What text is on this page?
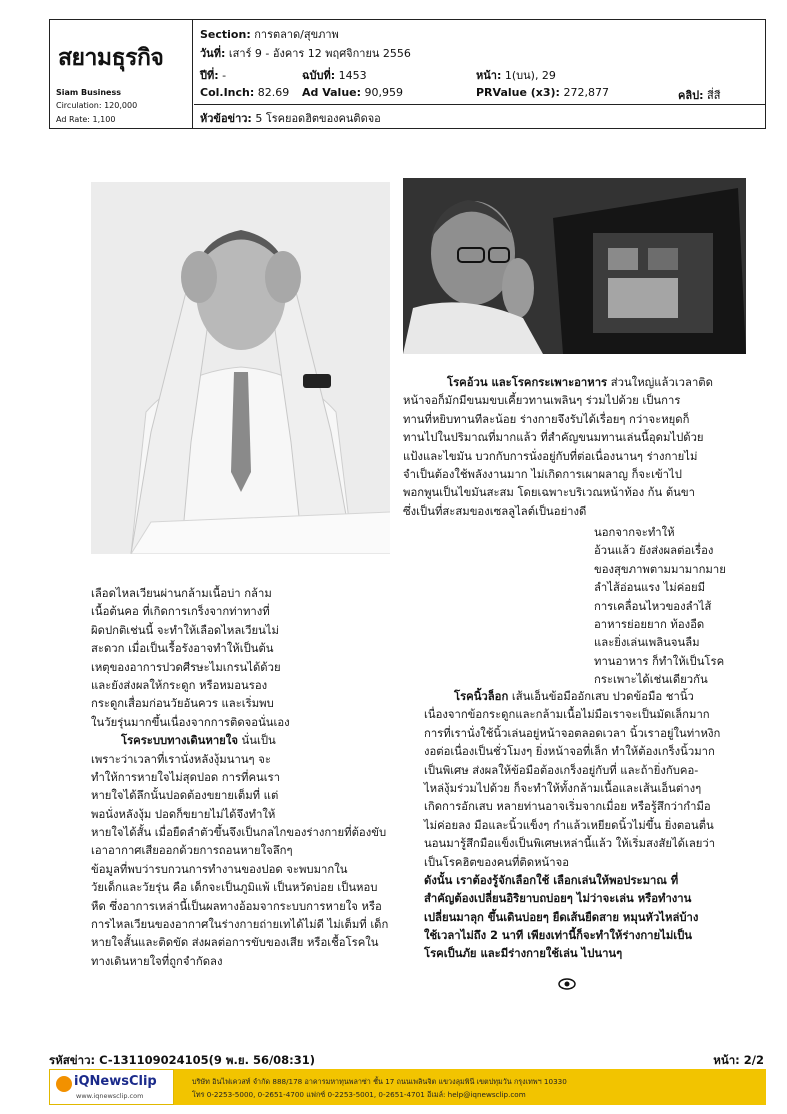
สยามธุรกิจ
Siam Business
Circulation: 120,000
Ad Rate: 1,100
Section: การตลาด/สุขภาพ
วันที่: เสาร์ 9 - อังคาร 12 พฤศจิกายน 2556
ปีที่: -	ฉบับที่: 1453	หน้า: 1(บน), 29
Col.Inch: 82.69 Ad Value: 90,959	PRValue (x3): 272,877	คลิป: สี่สี
หัวข้อข่าว: 5 โรคยอดฮิตของคนติดจอ

โรคอ้วน และโรคกระเพาะอาหาร ส่วนใหญ่แล้วเวลาติด

หน้าจอก็มักมีขนมขบเคี้ยวทานเพลินๆ ร่วมไปด้วย เป็นการ

ทานที่หยิบทานทีละน้อย ร่างกายจึงรับได้เรื่อยๆ กว่าจะหยุดก็

ทานไปในปริมาณที่มากแล้ว ที่สำคัญขนมทานเล่นนี้อุดมไปด้วย

แป้งและไขมัน บวกกับการนั่งอยู่กับที่ต่อเนื่องนานๆ ร่างกายไม่

จำเป็นต้องใช้พลังงานมาก ไม่เกิดการเผาผลาญ ก็จะเข้าไป

พอกพูนเป็นไขมันสะสม โดยเฉพาะบริเวณหน้าท้อง ก้น ต้นขา

ซึ่งเป็นที่สะสมของเซลลูไลต์เป็นอย่างดี

นอกจากจะทำให้

อ้วนแล้ว ยังส่งผลต่อเรื่อง

ของสุขภาพตามมามากมาย

ลำไส้อ่อนแรง ไม่ค่อยมี

การเคลื่อนไหวของลำไส้

อาหารย่อยยาก ท้องอืด

และยิ่งเล่นเพลินจนลืม

ทานอาหาร ก็ทำให้เป็นโรค

กระเพาะได้เช่นเดียวกัน

เลือดไหลเวียนผ่านกล้ามเนื้อบ่า กล้าม

เนื้อต้นคอ ที่เกิดการเกร็งจากท่าทางที่

ผิดปกติเช่นนี้ จะทำให้เลือดไหลเวียนไม่

สะดวก เมื่อเป็นเรื้อรังอาจทำให้เป็นต้น

เหตุของอาการปวดศีรษะไมเกรนได้ด้วย

และยังส่งผลให้กระดูก หรือหมอนรอง

กระดูกเสื่อมก่อนวัยอันควร และเริ่มพบ

ในวัยรุ่นมากขึ้นเนื่องจากการติดจอนั่นเอง

โรคระบบทางเดินหายใจ นั่นเป็น

เพราะว่าเวลาที่เรานั่งหลังงุ้มนานๆ จะ

ทำให้การหายใจไม่สุดปอด การที่คนเรา

หายใจได้ลึกนั้นปอดต้องขยายเต็มที่ แต่

พอนั่งหลังงุ้ม ปอดก็ขยายไม่ได้จึงทำให้

หายใจได้สั้น เมื่อยืดลำตัวขึ้นจึงเป็นกลไกของร่างกายที่ต้องขับ

เอาอากาศเสียออกด้วยการถอนหายใจลึกๆ

ข้อมูลที่พบว่ารบกวนการทำงานของปอด จะพบมากใน

วัยเด็กและวัยรุ่น คือ เด็กจะเป็นภูมิแพ้ เป็นหวัดบ่อย เป็นหอบ

หืด ซึ่งอาการเหล่านี้เป็นผลทางอ้อมจากระบบการหายใจ หรือ

การไหลเวียนของอากาศในร่างกายถ่ายเทได้ไม่ดี ไม่เต็มที่ เด็ก

หายใจสั้นและติดขัด ส่งผลต่อการขับของเสีย หรือเชื้อโรคใน

ทางเดินหายใจที่ถูกจำกัดลง

โรคนิ้วล็อก เส้นเอ็นข้อมืออักเสบ ปวดข้อมือ ชานิ้ว

เนื่องจากข้อกระดูกและกล้ามเนื้อไม่มือเราจะเป็นมัดเล็กมาก

การที่เรานั่งใช้นิ้วเล่นอยู่หน้าจอตลอดเวลา นิ้วเราอยู่ในท่าหงิก

งอต่อเนื่องเป็นชั่วโมงๆ ยิ่งหน้าจอที่เล็ก ทำให้ต้องเกร็งนิ้วมาก

เป็นพิเศษ ส่งผลให้ข้อมือต้องเกร็งอยู่กับที่ และถ้ายิ่งกับคอ-

ไหล่งุ้มร่วมไปด้วย ก็จะทำให้ทั้งกล้ามเนื้อและเส้นเอ็นต่างๆ

เกิดการอักเสบ หลายท่านอาจเริ่มจากเมื่อย หรือรู้สึกว่ากำมือ

ไม่ค่อยลง มือและนิ้วแข็งๆ กำแล้วเหยียดนิ้วไม่ขึ้น ยิ่งตอนตื่น

นอนมารู้สึกมือแข็งเป็นพิเศษเหล่านี้แล้ว ให้เริ่มสงสัยได้เลยว่า

เป็นโรคฮิตของคนที่ติดหน้าจอ

ดังนั้น เราต้องรู้จักเลือกใช้ เลือกเล่นให้พอประมาณ ที่

สำคัญต้องเปลี่ยนอิริยาบถบ่อยๆ ไม่ว่าจะเล่น หรือทำงาน

เปลี่ยนมาลุก ขึ้นเดินบ่อยๆ ยืดเส้นยืดสาย หมุนหัวไหล่บ้าง

ใช้เวลาไม่ถึง 2 นาที เพียงเท่านี้ก็จะทำให้ร่างกายไม่เป็น

โรคเป็นภัย และมีร่างกายใช้เล่น ไปนานๆ

รหัสข่าว: C-131109024105(9 พ.ย. 56/08:31)	หน้า: 2/2
iQNewsClip
www.iqnewsclip.com
บริษัท อินไฟเควสท์ จำกัด 888/178 อาคารมหาทุนพลาซ่า ชั้น 17 ถนนเพลินจิต แขวงลุมพินี เขตปทุมวัน กรุงเทพฯ 10330
โทร 0-2253-5000, 0-2651-4700 แฟกซ์ 0-2253-5001, 0-2651-4701 อีเมล์: help@iqnewsclip.com
